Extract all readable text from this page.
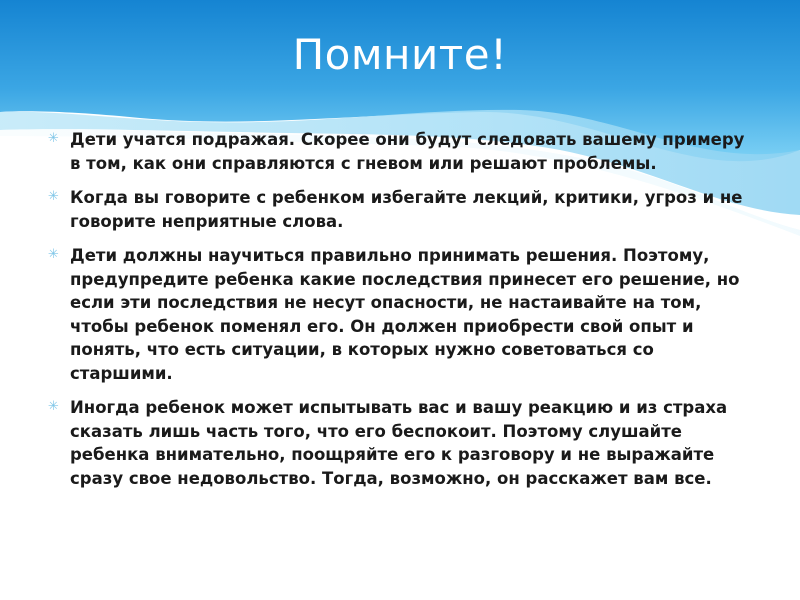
Помните!
✳ Дети учатся подражая. Скорее они будут следовать вашему примеру в том, как они справляются с гневом или решают проблемы.
✳ Когда вы говорите с ребенком избегайте лекций, критики, угроз и не говорите неприятные слова.
✳ Дети должны научиться правильно принимать решения. Поэтому, предупредите ребенка какие последствия принесет его решение, но если эти последствия не несут опасности, не настаивайте на том, чтобы ребенок поменял его. Он должен приобрести свой опыт и понять, что есть ситуации, в которых нужно советоваться со старшими.
✳ Иногда ребенок может испытывать вас и вашу реакцию и из страха сказать лишь часть того, что его беспокоит. Поэтому слушайте ребенка внимательно, поощряйте его к разговору и не выражайте сразу свое недовольство. Тогда, возможно, он расскажет вам все.
